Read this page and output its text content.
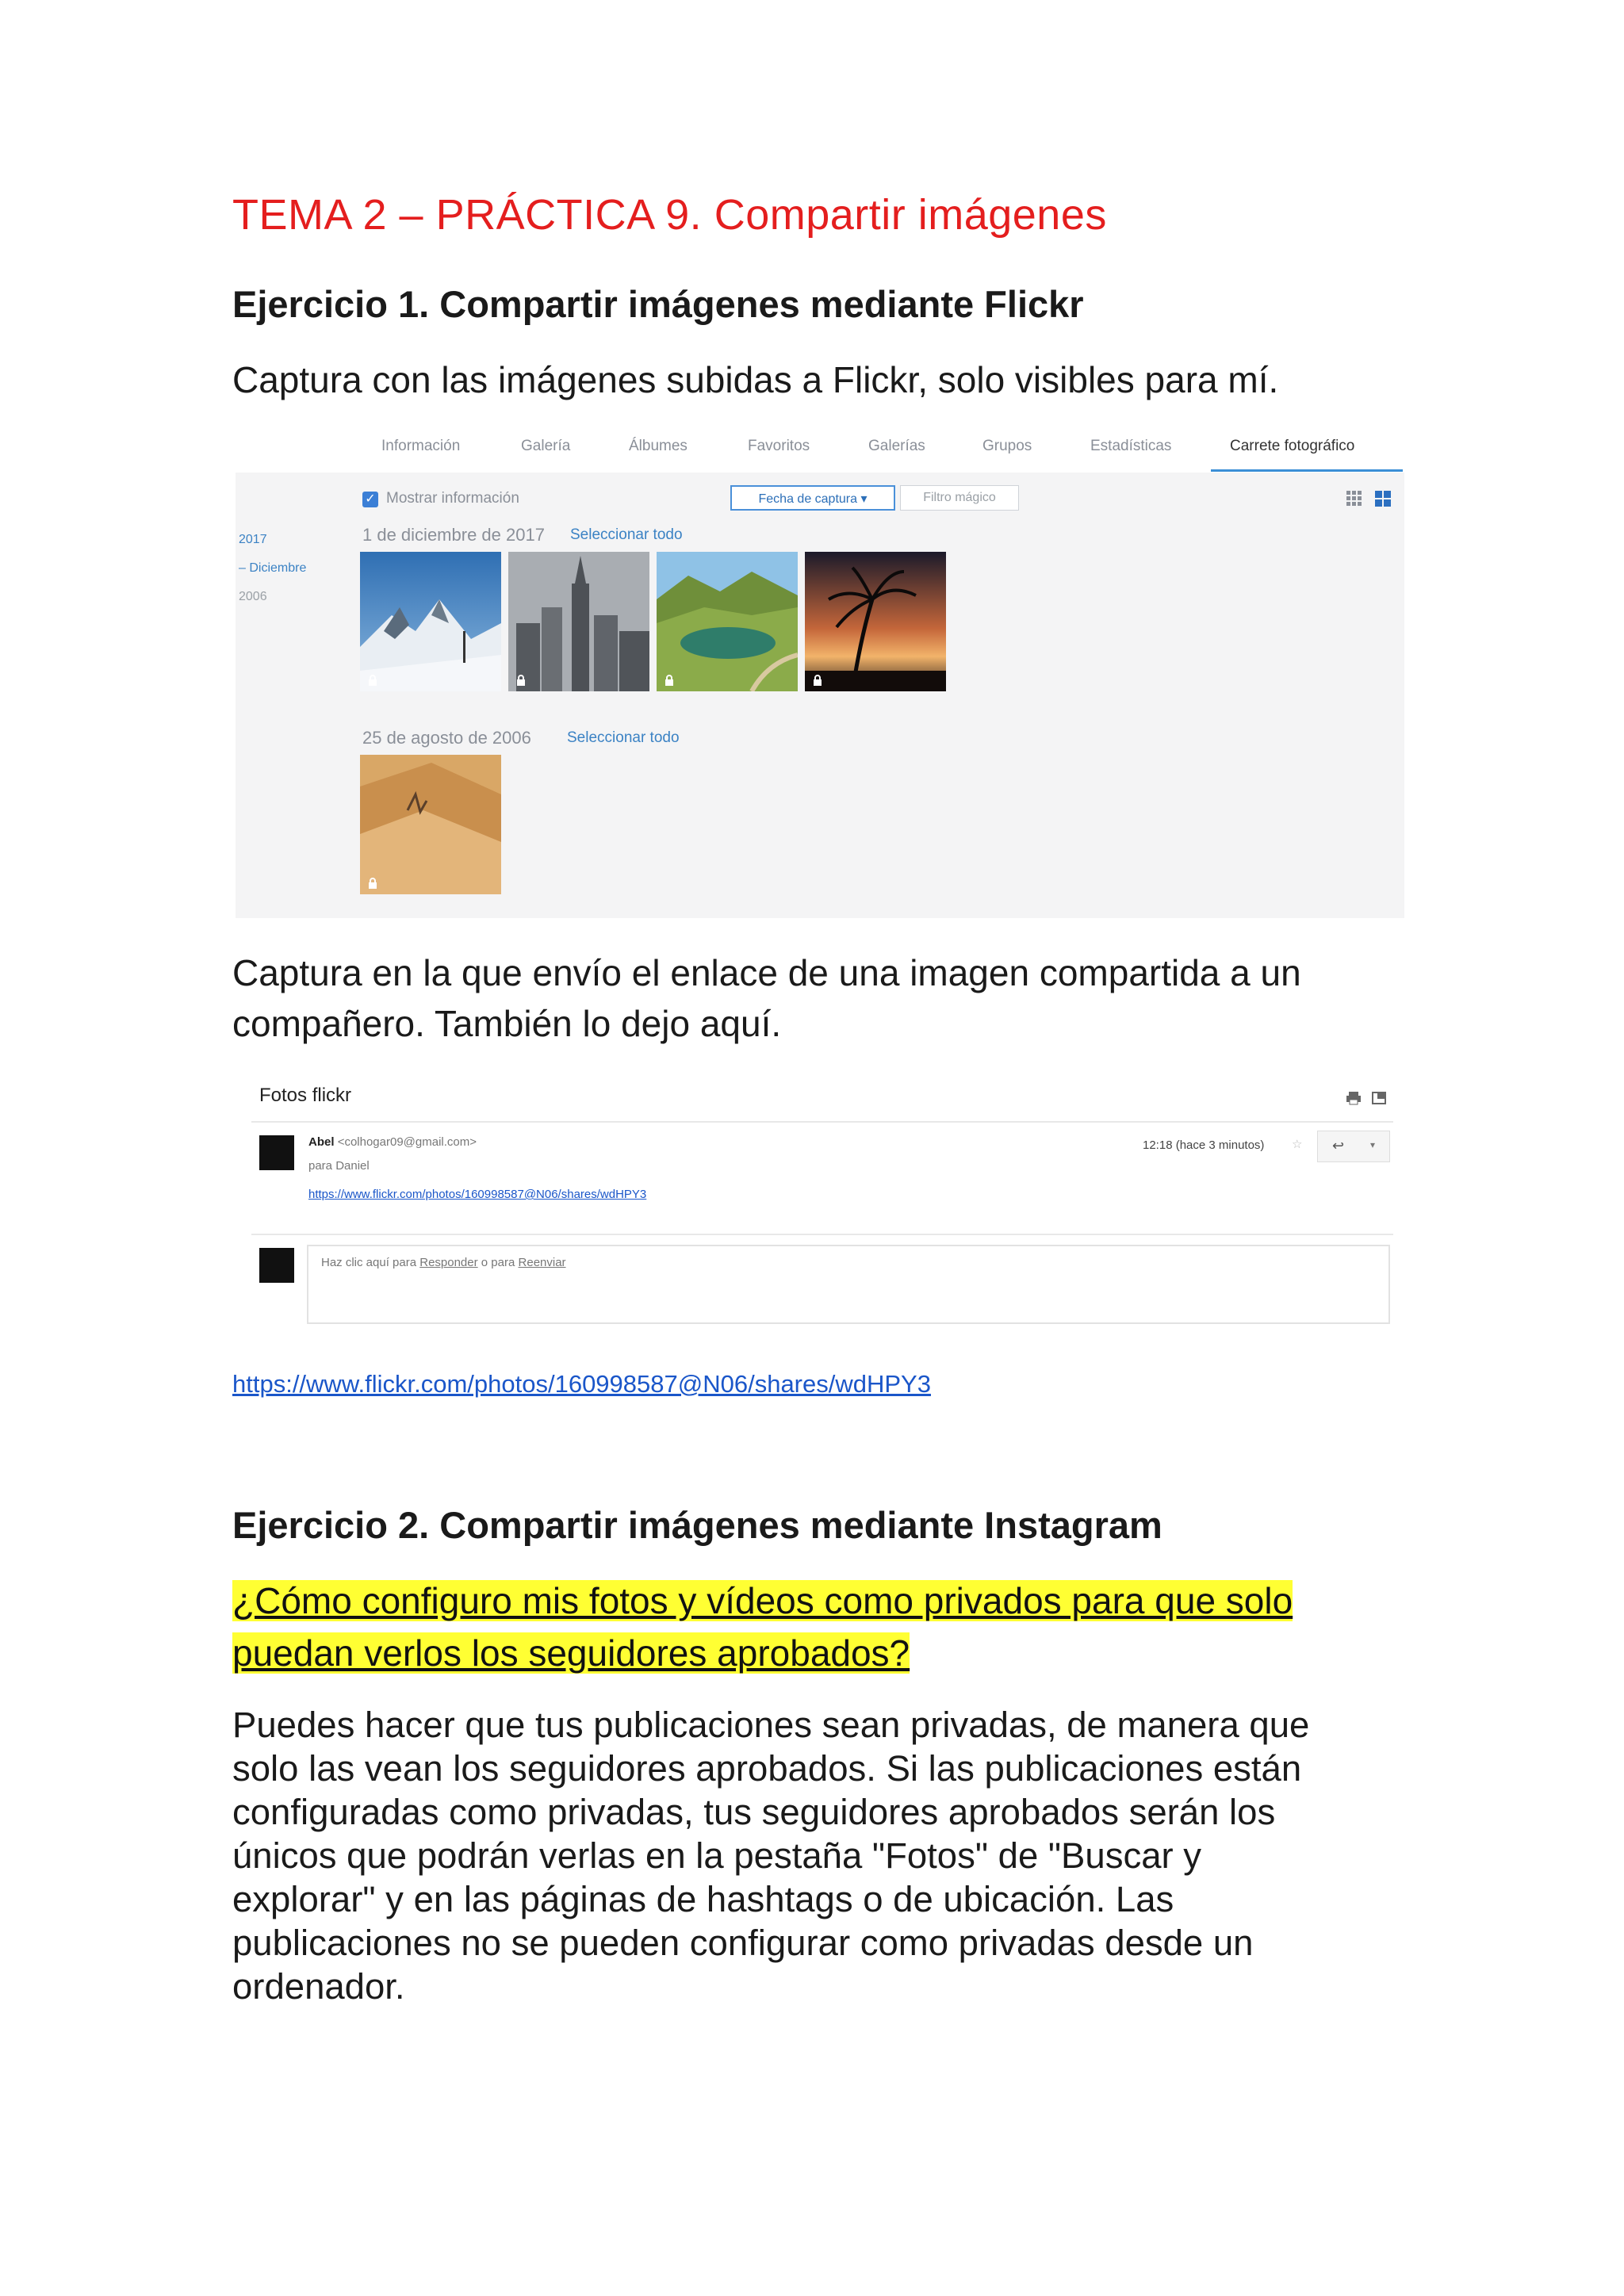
TEMA 2 – PRÁCTICA 9. Compartir imágenes
Ejercicio 1. Compartir imágenes mediante Flickr
Captura con las imágenes subidas a Flickr, solo visibles para mí.
Información	Galería	Álbumes	Favoritos	Galerías	Grupos	Estadísticas	Carrete fotográfico
✓ Mostrar información	Fecha de captura ▾	Filtro mágico
2017
– Diciembre
2006
1 de diciembre de 2017 Seleccionar todo
25 de agosto de 2006 Seleccionar todo
Captura en la que envío el enlace de una imagen compartida a un
compañero. También lo dejo aquí.
Fotos flickr
Abel <colhogar09@gmail.com>
para Daniel
https://www.flickr.com/photos/160998587@N06/shares/wdHPY3
12:18 (hace 3 minutos) ☆ ↩	▾
Haz clic aquí para Responder o para Reenviar
https://www.flickr.com/photos/160998587@N06/shares/wdHPY3
Ejercicio 2. Compartir imágenes mediante Instagram
¿Cómo configuro mis fotos y vídeos como privados para que solo
puedan verlos los seguidores aprobados?
Puedes hacer que tus publicaciones sean privadas, de manera que
solo las vean los seguidores aprobados. Si las publicaciones están
configuradas como privadas, tus seguidores aprobados serán los
únicos que podrán verlas en la pestaña "Fotos" de "Buscar y
explorar" y en las páginas de hashtags o de ubicación. Las
publicaciones no se pueden configurar como privadas desde un
ordenador.
